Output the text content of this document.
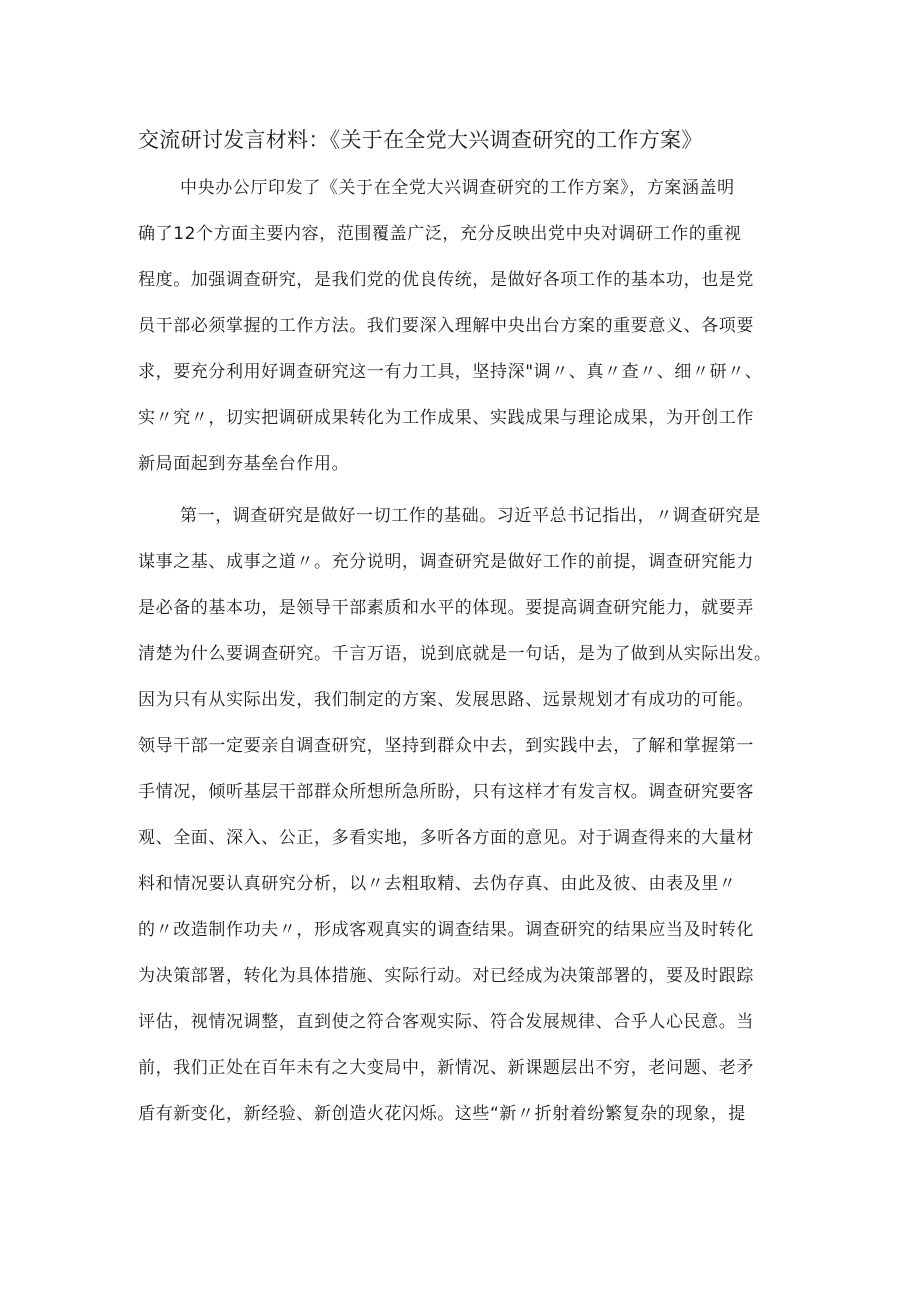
交流研讨发言材料：《关于在全党大兴调查研究的工作方案》

中央办公厅印发了《关于在全党大兴调查研究的工作方案》，方案涵盖明

确了12个方面主要内容，范围覆盖广泛，充分反映出党中央对调研工作的重视

程度。加强调查研究，是我们党的优良传统，是做好各项工作的基本功，也是党

员干部必须掌握的工作方法。我们要深入理解中央出台方案的重要意义、各项要

求，要充分利用好调查研究这一有力工具，坚持深"调〃、真〃查〃、细〃研〃、

实〃究〃，切实把调研成果转化为工作成果、实践成果与理论成果，为开创工作

新局面起到夯基垒台作用。

第一，调查研究是做好一切工作的基础。习近平总书记指出，〃调查研究是

谋事之基、成事之道〃。充分说明，调查研究是做好工作的前提，调查研究能力

是必备的基本功，是领导干部素质和水平的体现。要提高调查研究能力，就要弄

清楚为什么要调查研究。千言万语，说到底就是一句话，是为了做到从实际出发。

因为只有从实际出发，我们制定的方案、发展思路、远景规划才有成功的可能。

领导干部一定要亲自调查研究，坚持到群众中去，到实践中去，了解和掌握第一

手情况，倾听基层干部群众所想所急所盼，只有这样才有发言权。调查研究要客

观、全面、深入、公正，多看实地，多听各方面的意见。对于调查得来的大量材

料和情况要认真研究分析，以〃去粗取精、去伪存真、由此及彼、由表及里〃

的〃改造制作功夫〃，形成客观真实的调查结果。调查研究的结果应当及时转化

为决策部署，转化为具体措施、实际行动。对已经成为决策部署的，要及时跟踪

评估，视情况调整，直到使之符合客观实际、符合发展规律、合乎人心民意。当

前，我们正处在百年未有之大变局中，新情况、新课题层出不穷，老问题、老矛

盾有新变化，新经验、新创造火花闪烁。这些“新〃折射着纷繁复杂的现象，提
